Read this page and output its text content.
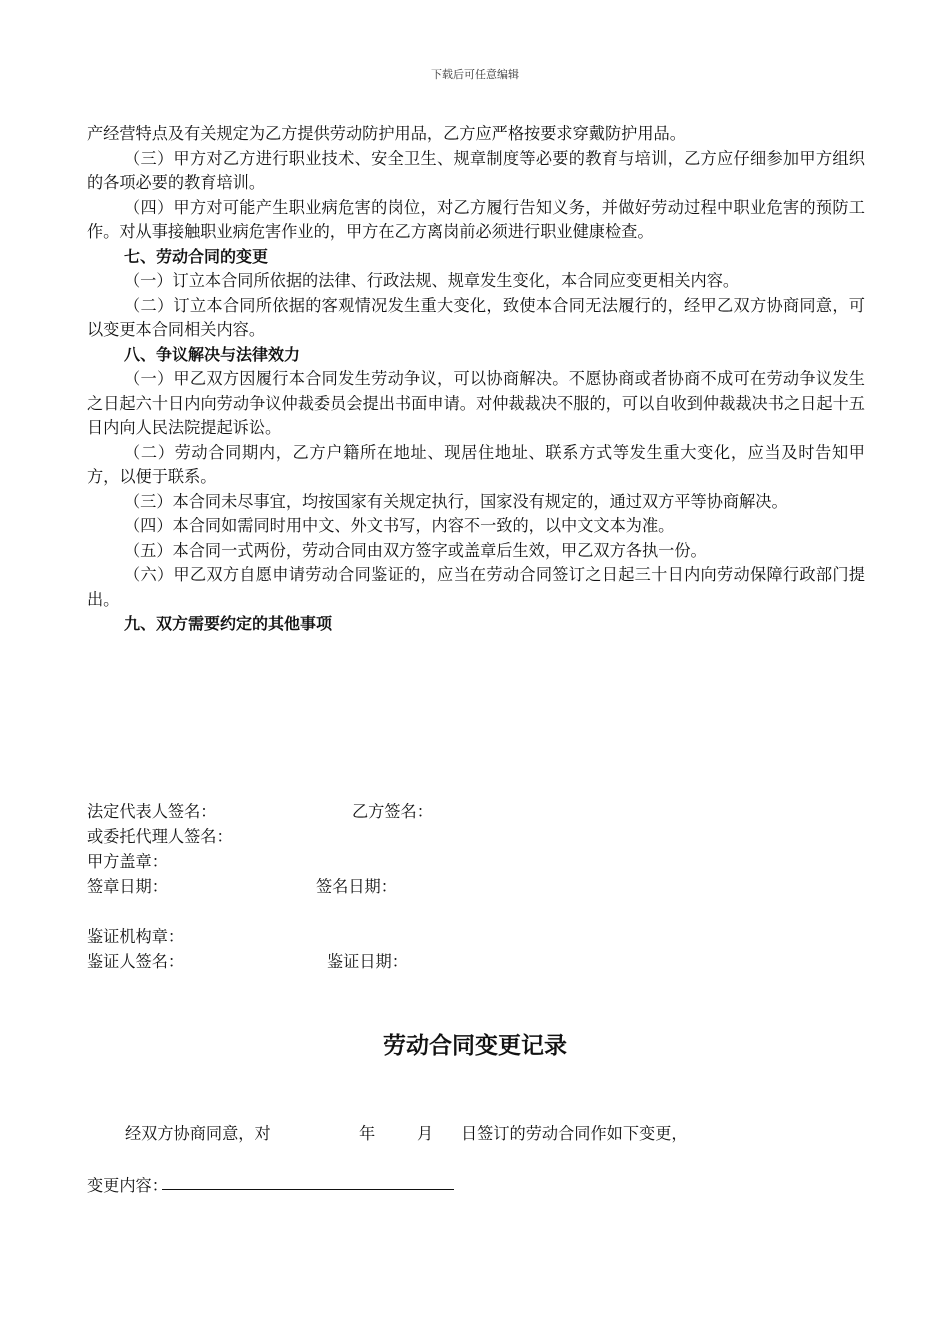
下载后可任意编辑

产经营特点及有关规定为乙方提供劳动防护用品，乙方应严格按要求穿戴防护用品。

（三）甲方对乙方进行职业技术、安全卫生、规章制度等必要的教育与培训，乙方应仔细参加甲方组织的各项必要的教育培训。

（四）甲方对可能产生职业病危害的岗位，对乙方履行告知义务，并做好劳动过程中职业危害的预防工作。对从事接触职业病危害作业的，甲方在乙方离岗前必须进行职业健康检查。

七、劳动合同的变更

（一）订立本合同所依据的法律、行政法规、规章发生变化，本合同应变更相关内容。

（二）订立本合同所依据的客观情况发生重大变化，致使本合同无法履行的，经甲乙双方协商同意，可以变更本合同相关内容。

八、争议解决与法律效力

（一）甲乙双方因履行本合同发生劳动争议，可以协商解决。不愿协商或者协商不成可在劳动争议发生之日起六十日内向劳动争议仲裁委员会提出书面申请。对仲裁裁决不服的，可以自收到仲裁裁决书之日起十五日内向人民法院提起诉讼。

（二）劳动合同期内，乙方户籍所在地址、现居住地址、联系方式等发生重大变化，应当及时告知甲方，以便于联系。

（三）本合同未尽事宜，均按国家有关规定执行，国家没有规定的，通过双方平等协商解决。

（四）本合同如需同时用中文、外文书写，内容不一致的，以中文文本为准。

（五）本合同一式两份，劳动合同由双方签字或盖章后生效，甲乙双方各执一份。

（六）甲乙双方自愿申请劳动合同鉴证的，应当在劳动合同签订之日起三十日内向劳动保障行政部门提出。

九、双方需要约定的其他事项

法定代表人签名：	乙方签名：
或委托代理人签名：
甲方盖章：
签章日期：	签名日期：
鉴证机构章：
鉴证人签名：	鉴证日期：
劳动合同变更记录
经双方协商同意，对	年	月 日签订的劳动合同作如下变更，
变更内容：
